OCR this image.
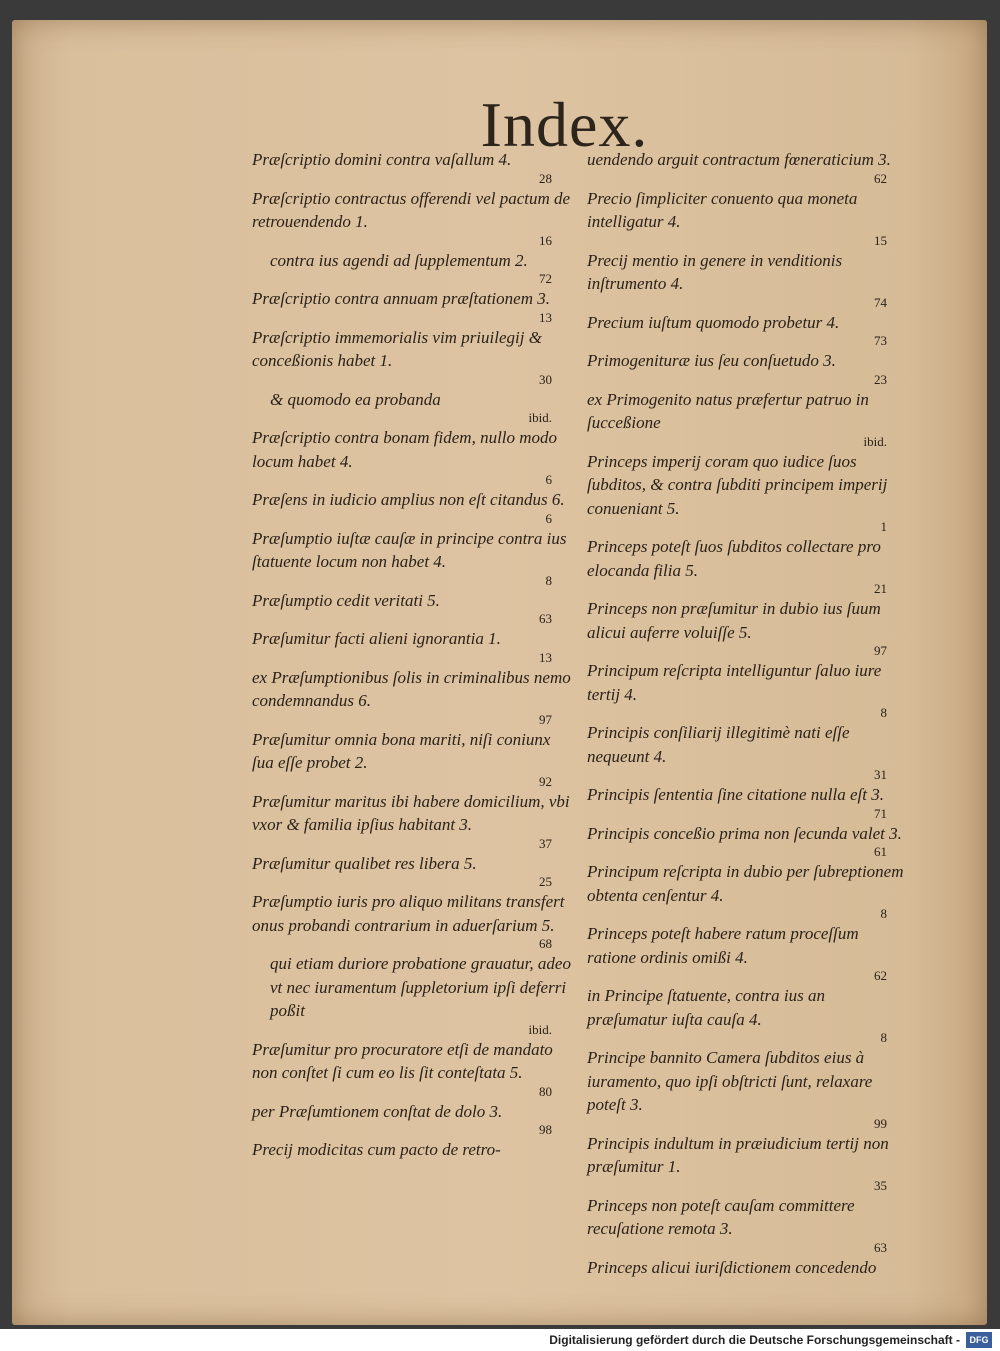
Index.
Præſcriptio domini contra vaſallum 4.
28
Præſcriptio contractus offerendi vel pactum de retrouendendo 1.
16
contra ius agendi ad ſupplementum 2.
72
Præſcriptio contra annuam præſtationem 3.
13
Præſcriptio immemorialis vim priuilegij & conceßionis habet 1.
30
& quomodo ea probanda
ibid.
Præſcriptio contra bonam fidem, nullo modo locum habet 4.
6
Præſens in iudicio amplius non eſt citandus 6.
6
Præſumptio iuſtæ cauſæ in principe contra ius ſtatuente locum non habet 4.
8
Præſumptio cedit veritati 5.
63
Præſumitur facti alieni ignorantia 1.
13
ex Præſumptionibus ſolis in criminalibus nemo condemnandus 6.
97
Præſumitur omnia bona mariti, niſi coniunx ſua eſſe probet 2.
92
Præſumitur maritus ibi habere domicilium, vbi vxor & familia ipſius habitant 3.
37
Præſumitur qualibet res libera 5.
25
Præſumptio iuris pro aliquo militans transfert onus probandi contrarium in aduerſarium 5.
68
qui etiam duriore probatione grauatur, adeo vt nec iuramentum ſuppletorium ipſi deferri poßit
ibid.
Præſumitur pro procuratore etſi de mandato non conſtet ſi cum eo lis ſit conteſtata 5.
80
per Præſumtionem conſtat de dolo 3.
98
Precij modicitas cum pacto de retro-
uendendo arguit contractum fœneraticium 3.
62
Precio ſimpliciter conuento qua moneta intelligatur 4.
15
Precij mentio in genere in venditionis inſtrumento 4.
74
Precium iuſtum quomodo probetur 4.
73
Primogenituræ ius ſeu conſuetudo 3.
23
ex Primogenito natus præfertur patruo in ſucceßione
ibid.
Princeps imperij coram quo iudice ſuos ſubditos, & contra ſubditi principem imperij conueniant 5.
1
Princeps poteſt ſuos ſubditos collectare pro elocanda filia 5.
21
Princeps non præſumitur in dubio ius ſuum alicui auferre voluiſſe 5.
97
Principum reſcripta intelliguntur ſaluo iure tertij 4.
8
Principis conſiliarij illegitimè nati eſſe nequeunt 4.
31
Principis ſententia ſine citatione nulla eſt 3.
71
Principis conceßio prima non ſecunda valet 3.
61
Principum reſcripta in dubio per ſubreptionem obtenta cenſentur 4.
8
Princeps poteſt habere ratum proceſſum ratione ordinis omißi 4.
62
in Principe ſtatuente, contra ius an præſumatur iuſta cauſa 4.
8
Principe bannito Camera ſubditos eius à iuramento, quo ipſi obſtricti ſunt, relaxare poteſt 3.
99
Principis indultum in præiudicium tertij non præſumitur 1.
35
Princeps non poteſt cauſam committere recuſatione remota 3.
63
Princeps alicui iuriſdictionem concedendo
Digitalisierung gefördert durch die Deutsche Forschungsgemeinschaft -	DFG
